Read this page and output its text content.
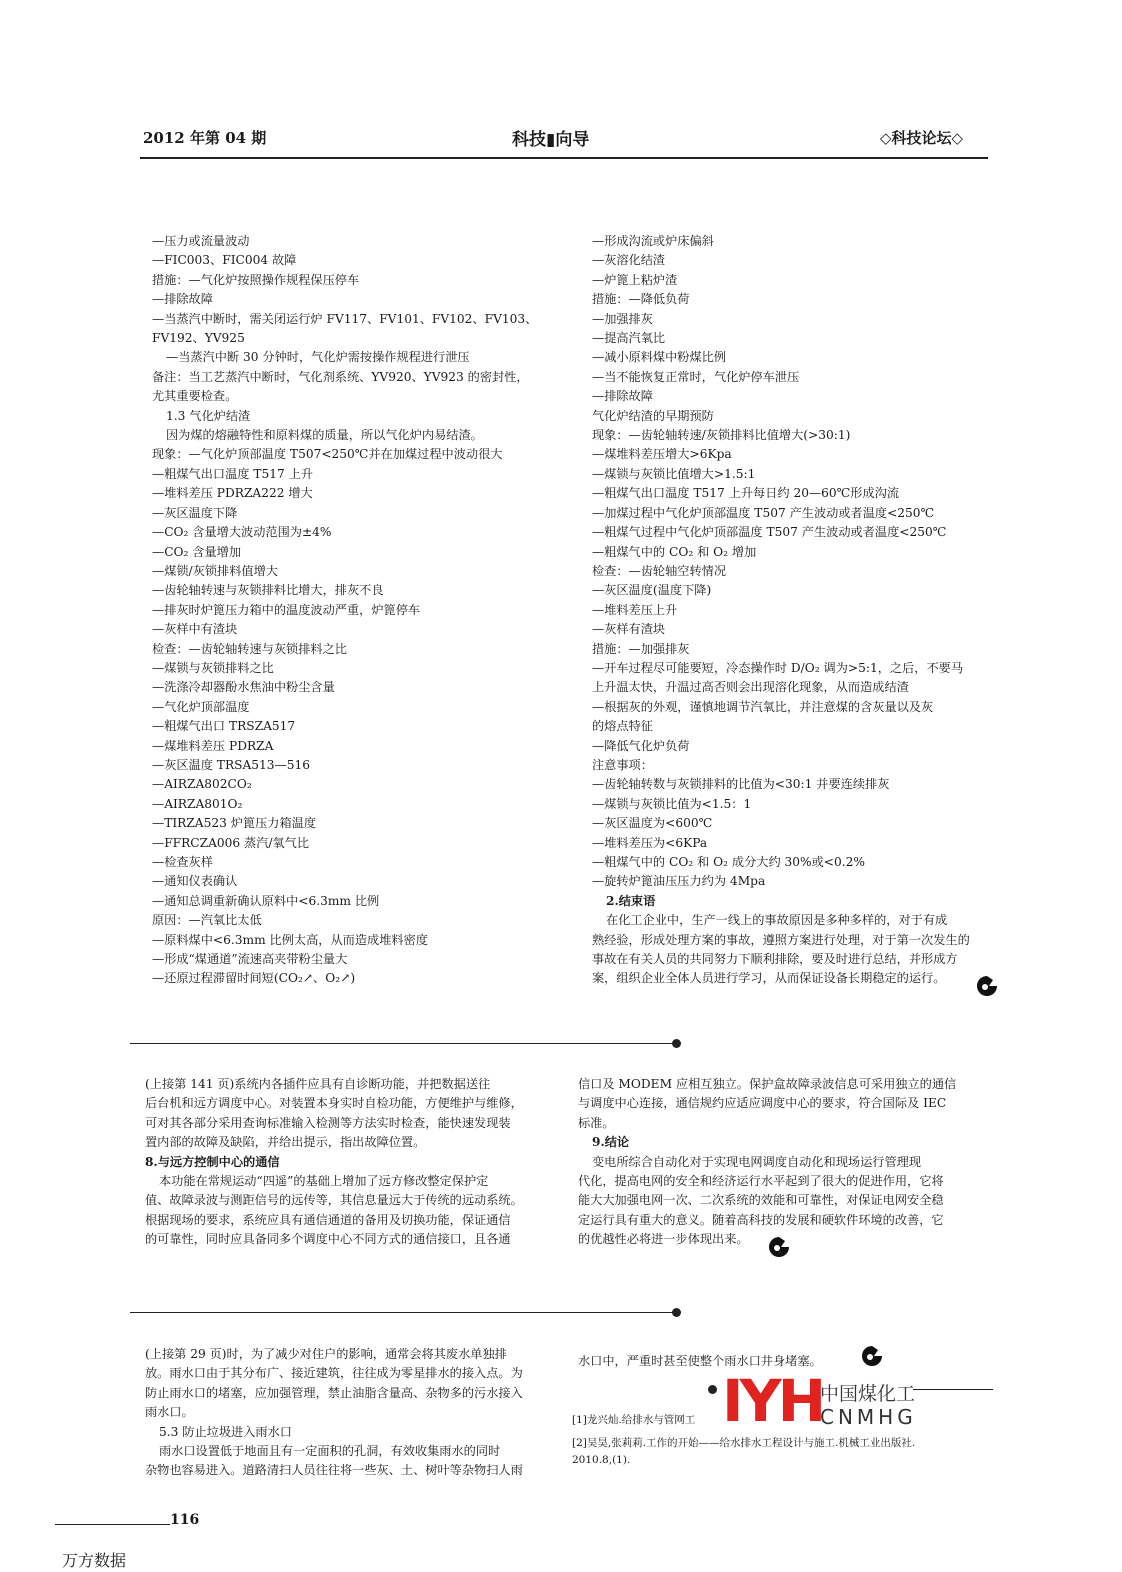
2012 年第 04 期	科技▮向导	◇科技论坛◇

—压力或流量波动

—FIC003、FIC004 故障

措施：—气化炉按照操作规程保压停车

—排除故障

—当蒸汽中断时，需关闭运行炉 FV117、FV101、FV102、FV103、

FV192、YV925

—当蒸汽中断 30 分钟时，气化炉需按操作规程进行泄压

备注：当工艺蒸汽中断时，气化剂系统、YV920、YV923 的密封性，

尤其重要检查。

1.3 气化炉结渣

因为煤的熔融特性和原料煤的质量，所以气化炉内易结渣。

现象：—气化炉顶部温度 T507<250℃并在加煤过程中波动很大

—粗煤气出口温度 T517 上升

—堆料差压 PDRZA222 增大

—灰区温度下降

—CO₂ 含量增大波动范围为±4%

—CO₂ 含量增加

—煤锁/灰锁排料值增大

—齿轮轴转速与灰锁排料比增大，排灰不良

—排灰时炉篦压力箱中的温度波动严重，炉篦停车

—灰样中有渣块

检查：—齿轮轴转速与灰锁排料之比

—煤锁与灰锁排料之比

—洗涤冷却器酚水焦油中粉尘含量

—气化炉顶部温度

—粗煤气出口 TRSZA517

—煤堆料差压 PDRZA

—灰区温度 TRSA513—516

—AIRZA802CO₂

—AIRZA801O₂

—TIRZA523 炉篦压力箱温度

—FFRCZA006 蒸汽/氧气比

—检查灰样

—通知仪表确认

—通知总调重新确认原料中<6.3mm 比例

原因：—汽氧比太低

—原料煤中<6.3mm 比例太高，从而造成堆料密度

—形成“煤通道”流速高夹带粉尘量大

—还原过程滞留时间短(CO₂↗、O₂↗)

—形成沟流或炉床偏斜

—灰溶化结渣

—炉篦上粘炉渣

措施：—降低负荷

—加强排灰

—提高汽氧比

—减小原料煤中粉煤比例

—当不能恢复正常时，气化炉停车泄压

—排除故障

气化炉结渣的早期预防

现象：—齿轮轴转速/灰锁排料比值增大(>30:1)

—煤堆料差压增大>6Kpa

—煤锁与灰锁比值增大>1.5:1

—粗煤气出口温度 T517 上升每日约 20—60℃形成沟流

—加煤过程中气化炉顶部温度 T507 产生波动或者温度<250℃

—粗煤气过程中气化炉顶部温度 T507 产生波动或者温度<250℃

—粗煤气中的 CO₂ 和 O₂ 增加

检查：—齿轮轴空转情况

—灰区温度(温度下降)

—堆料差压上升

—灰样有渣块

措施：—加强排灰

—开车过程尽可能要短，冷态操作时 D/O₂ 调为>5:1，之后，不要马

上升温太快，升温过高否则会出现溶化现象，从而造成结渣

—根据灰的外观，谨慎地调节汽氧比，并注意煤的含灰量以及灰

的熔点特征

—降低气化炉负荷

注意事项：

—齿轮轴转数与灰锁排料的比值为<30:1 并要连续排灰

—煤锁与灰锁比值为<1.5：1

—灰区温度为<600℃

—堆料差压为<6KPa

—粗煤气中的 CO₂ 和 O₂ 成分大约 30%或<0.2%

—旋转炉篦油压压力约为 4Mpa

2.结束语

在化工企业中，生产一线上的事故原因是多种多样的，对于有成

熟经验，形成处理方案的事故，遵照方案进行处理，对于第一次发生的

事故在有关人员的共同努力下顺利排除，要及时进行总结，并形成方

案，组织企业全体人员进行学习，从而保证设备长期稳定的运行。

(上接第 141 页)系统内各插件应具有自诊断功能，并把数据送往

后台机和远方调度中心。对装置本身实时自检功能，方便维护与维修，

可对其各部分采用查询标准输入检测等方法实时检查，能快速发现装

置内部的故障及缺陷，并给出提示，指出故障位置。

8.与远方控制中心的通信

本功能在常规运动“四遥”的基础上增加了远方修改整定保护定

值、故障录波与测距信号的远传等，其信息量远大于传统的远动系统。

根据现场的要求，系统应具有通信通道的备用及切换功能，保证通信

的可靠性，同时应具备同多个调度中心不同方式的通信接口，且各通

信口及 MODEM 应相互独立。保护盒故障录波信息可采用独立的通信

与调度中心连接，通信规约应适应调度中心的要求，符合国际及 IEC

标准。

9.结论

变电所综合自动化对于实现电网调度自动化和现场运行管理现

代化，提高电网的安全和经济运行水平起到了很大的促进作用，它将

能大大加强电网一次、二次系统的效能和可靠性，对保证电网安全稳

定运行具有重大的意义。随着高科技的发展和硬软件环境的改善，它

的优越性必将进一步体现出来。

(上接第 29 页)时，为了减少对住户的影响，通常会将其废水单独排

放。雨水口由于其分布广、接近建筑，往往成为零星排水的接入点。为

防止雨水口的堵塞，应加强管理，禁止油脂含量高、杂物多的污水接入

雨水口。

5.3 防止垃圾进入雨水口

雨水口设置低于地面且有一定面积的孔洞，有效收集雨水的同时

杂物也容易进入。道路清扫人员往往将一些灰、土、树叶等杂物扫人雨

水口中，严重时甚至使整个雨水口井身堵塞。

[1]龙兴灿.给排水与管网工
[2]吴昊,张莉莉.工作的开始——给水排水工程设计与施工.机械工业出版社.
2010.8,(1).
IYH
中国煤化工
CNMHG
116
万方数据
